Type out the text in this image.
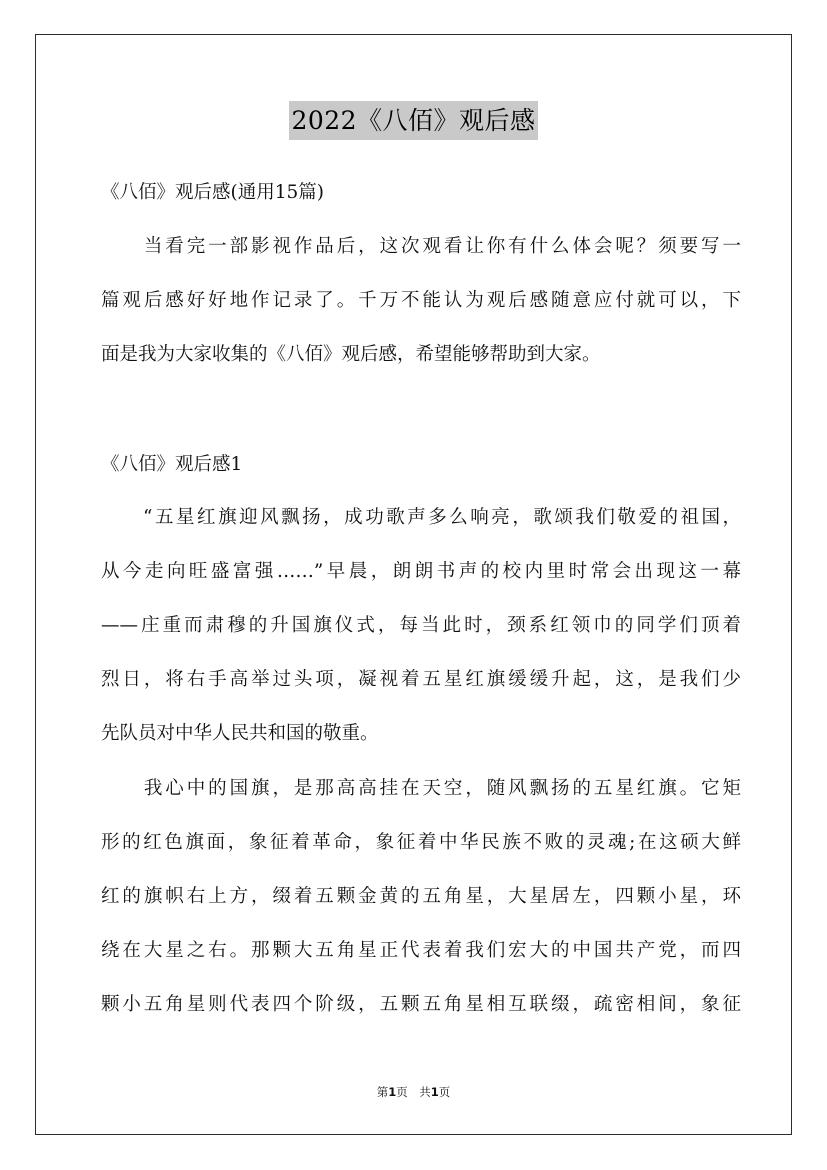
2022《八佰》观后感
《八佰》观后感(通用15篇)
　　当看完一部影视作品后，这次观看让你有什么体会呢？须要写一
篇观后感好好地作记录了。千万不能认为观后感随意应付就可以，下
面是我为大家收集的《八佰》观后感，希望能够帮助到大家。
《八佰》观后感1
　　“五星红旗迎风飘扬，成功歌声多么响亮，歌颂我们敬爱的祖国，
从今走向旺盛富强……”早晨，朗朗书声的校内里时常会出现这一幕
——庄重而肃穆的升国旗仪式，每当此时，颈系红领巾的同学们顶着
烈日，将右手高举过头项，凝视着五星红旗缓缓升起，这，是我们少
先队员对中华人民共和国的敬重。
　　我心中的国旗，是那高高挂在天空，随风飘扬的五星红旗。它矩
形的红色旗面，象征着革命，象征着中华民族不败的灵魂;在这硕大鲜
红的旗帜右上方，缀着五颗金黄的五角星，大星居左，四颗小星，环
绕在大星之右。那颗大五角星正代表着我们宏大的中国共产党，而四
颗小五角星则代表四个阶级，五颗五角星相互联缀，疏密相间，象征
第1页　共1页
